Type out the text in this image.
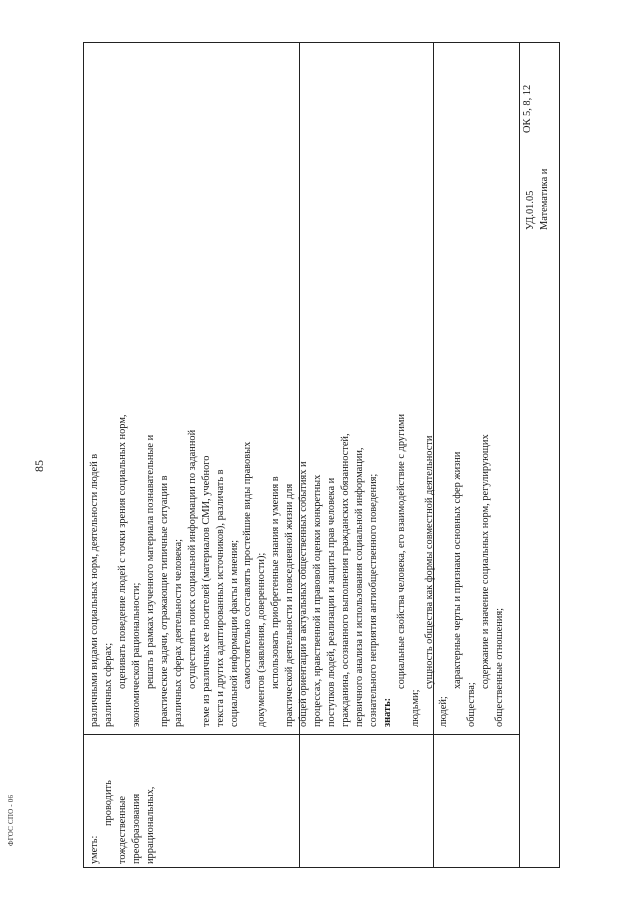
85
ФГОС СПО - 06

различными видами социальных норм, деятельности людей в различных сферах; оценивать поведение людей с точки зрения социальных норм, экономической рациональности; решать в рамках изученного материала познавательные и практические задачи, отражающие типичные ситуации в различных сферах деятельности человека; осуществлять поиск социальной информации по заданной теме из различных ее носителей (материалов СМИ, учебного текста и других адаптированных источников), различать в социальной информации факты и мнения; самостоятельно составлять простейшие виды правовых документов (заявления, доверенности); использовать приобретенные знания и умения в практической деятельности и повседневной жизни для общей ориентации в актуальных общественных событиях и процессах, нравственной и правовой оценки конкретных поступков людей, реализации и защиты прав человека и гражданина, осознанного выполнения гражданских обязанностей, первичного анализа и использования социальной информации, сознательного неприятия антиобщественного поведения; знать:

социальные свойства человека, его взаимодействие с другими

людьми;

сущность общества как формы совместной деятельности

людей;

характерные черты и признаки основных сфер жизни

общества;

содержание и значение социальных норм, регулирующих общественные отношения;

уметь:

проводить тождественные преобразования иррациональных,

УД.01.05 Математика и

ОК 5, 8, 12
